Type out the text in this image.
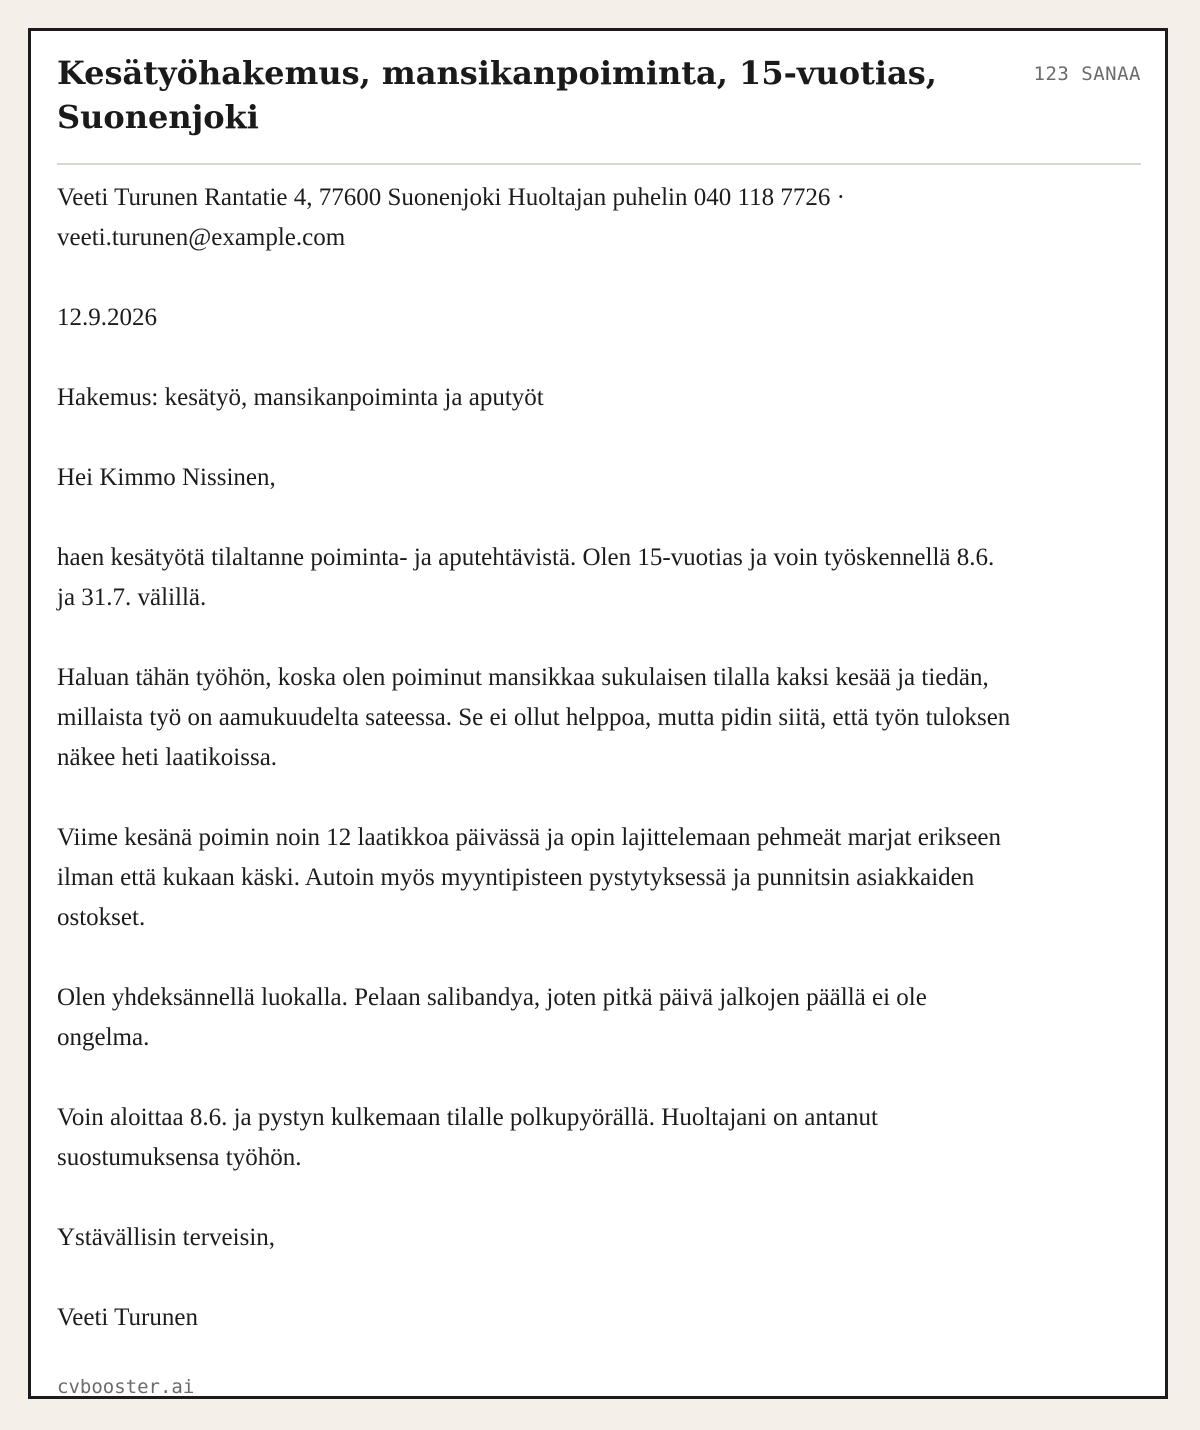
Kesätyöhakemus, mansikanpoiminta, 15-vuotias, Suonenjoki
123 SANAA

Veeti Turunen Rantatie 4, 77600 Suonenjoki Huoltajan puhelin 040 118 7726 · veeti.turunen@example.com

12.9.2026

Hakemus: kesätyö, mansikanpoiminta ja aputyöt

Hei Kimmo Nissinen,

haen kesätyötä tilaltanne poiminta- ja aputehtävistä. Olen 15-vuotias ja voin työskennellä 8.6. ja 31.7. välillä.

Haluan tähän työhön, koska olen poiminut mansikkaa sukulaisen tilalla kaksi kesää ja tiedän, millaista työ on aamukuudelta sateessa. Se ei ollut helppoa, mutta pidin siitä, että työn tuloksen näkee heti laatikoissa.

Viime kesänä poimin noin 12 laatikkoa päivässä ja opin lajittelemaan pehmeät marjat erikseen ilman että kukaan käski. Autoin myös myyntipisteen pystytyksessä ja punnitsin asiakkaiden ostokset.

Olen yhdeksännellä luokalla. Pelaan salibandya, joten pitkä päivä jalkojen päällä ei ole ongelma.

Voin aloittaa 8.6. ja pystyn kulkemaan tilalle polkupyörällä. Huoltajani on antanut suostumuksensa työhön.

Ystävällisin terveisin,

Veeti Turunen

cvbooster.ai
